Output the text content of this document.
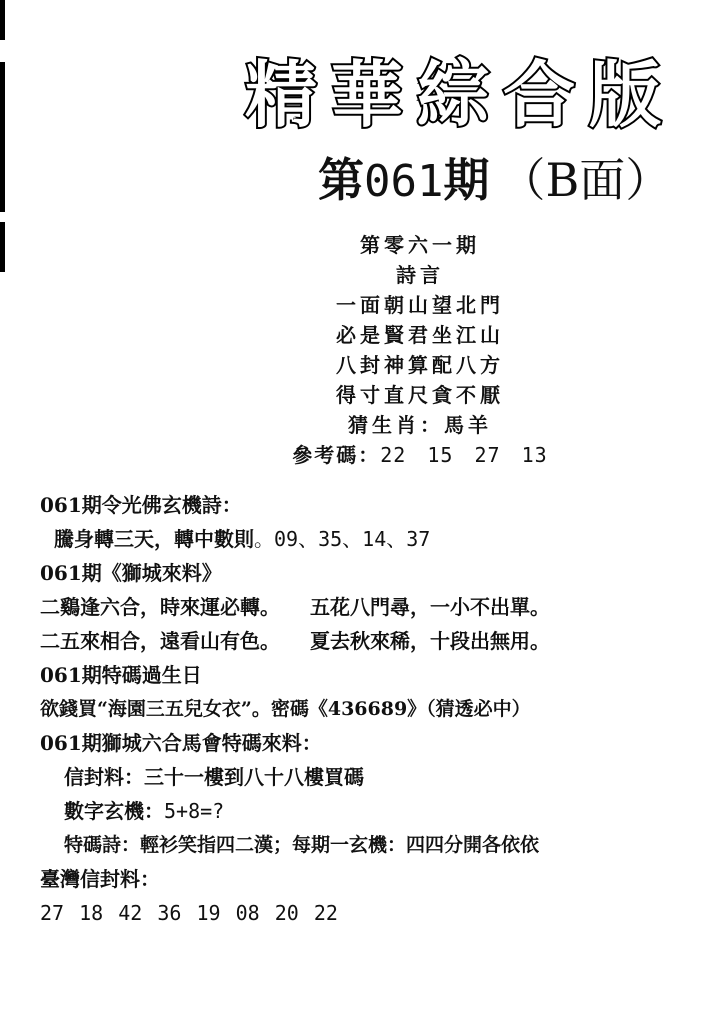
精華綜合版
第061期 （B面）
第零六一期
詩言
一面朝山望北門
必是賢君坐江山
八封神算配八方
得寸直尺貪不厭
猜生肖：馬羊
參考碼：22 15 27 13
061期令光佛玄機詩：
騰身轉三天，轉中數則。09、35、14、37
061期《獅城來料》
二鷄逢六合，時來運必轉。 五花八門尋，一小不出單。
二五來相合，遠看山有色。 夏去秋來稀，十段出無用。
061期特碼過生日
欲錢買“海園三五兒女衣”。密碼《436689》（猜透必中）
061期獅城六合馬會特碼來料：
信封料：三十一樓到八十八樓買碼
數字玄機：5+8=?
特碼詩：輕衫笑指四二漢；每期一玄機：四四分開各依依
臺灣信封料：
27 18 42 36 19 08 20 22
